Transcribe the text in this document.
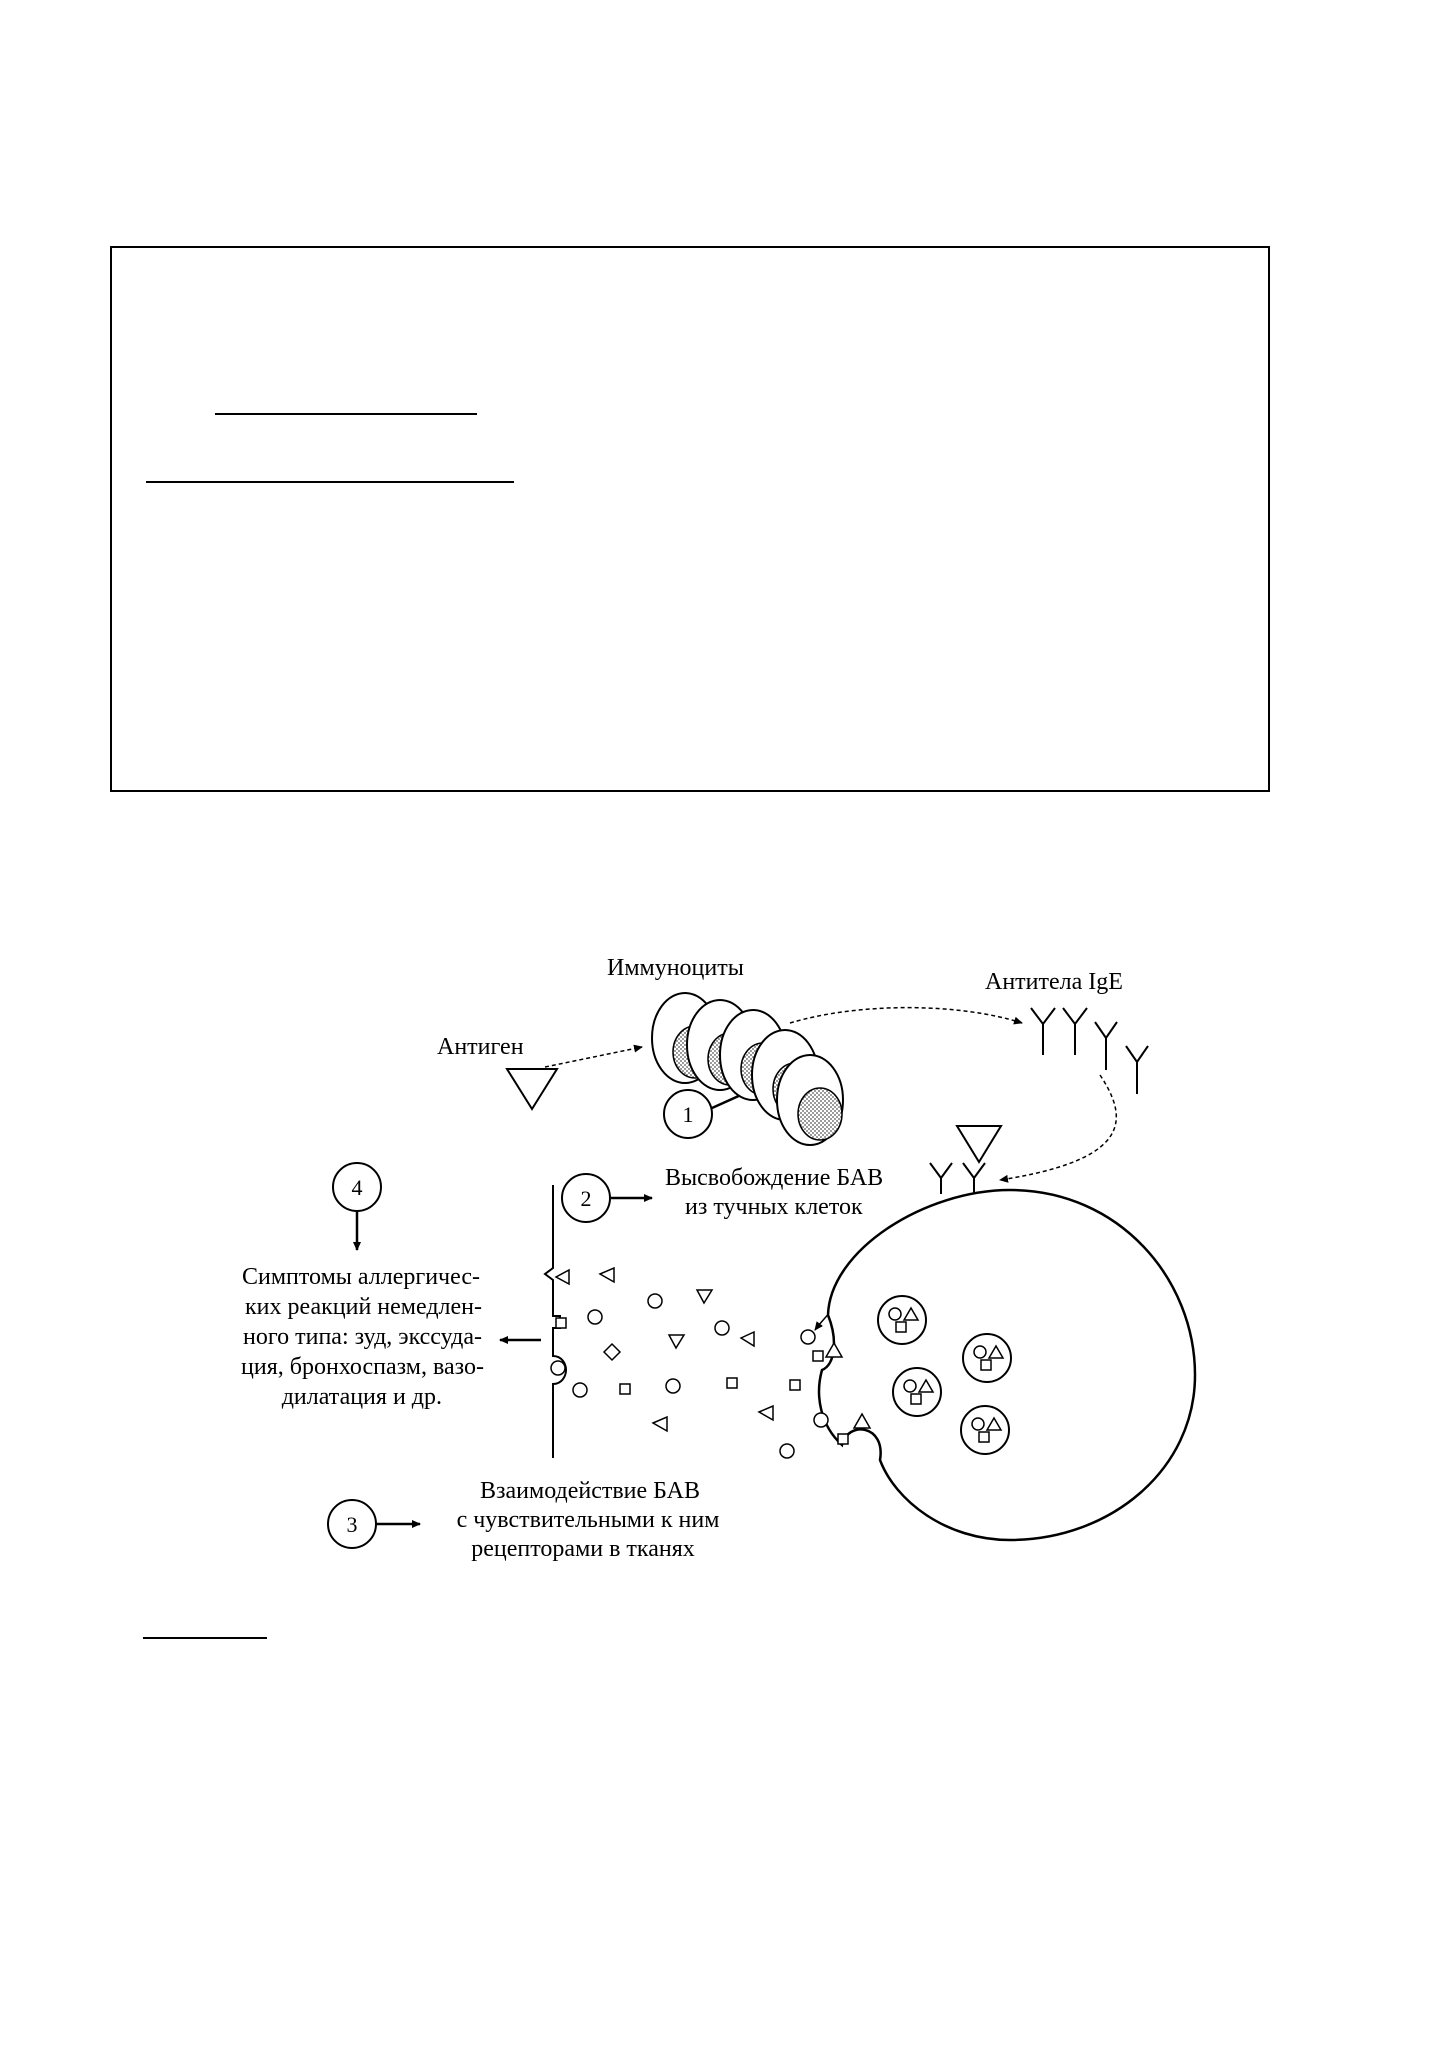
Иммуноциты
Антиген
Антитела IgE
Высвобождение БАВ
из тучных клеток
Симптомы аллергичес-
ких реакций немедлен-
ного типа: зуд, экссуда-
ция, бронхоспазм, вазо-
дилатация и др.
Взаимодействие БАВ
с чувствительными к ним
рецепторами в тканях
1
2
3
4
